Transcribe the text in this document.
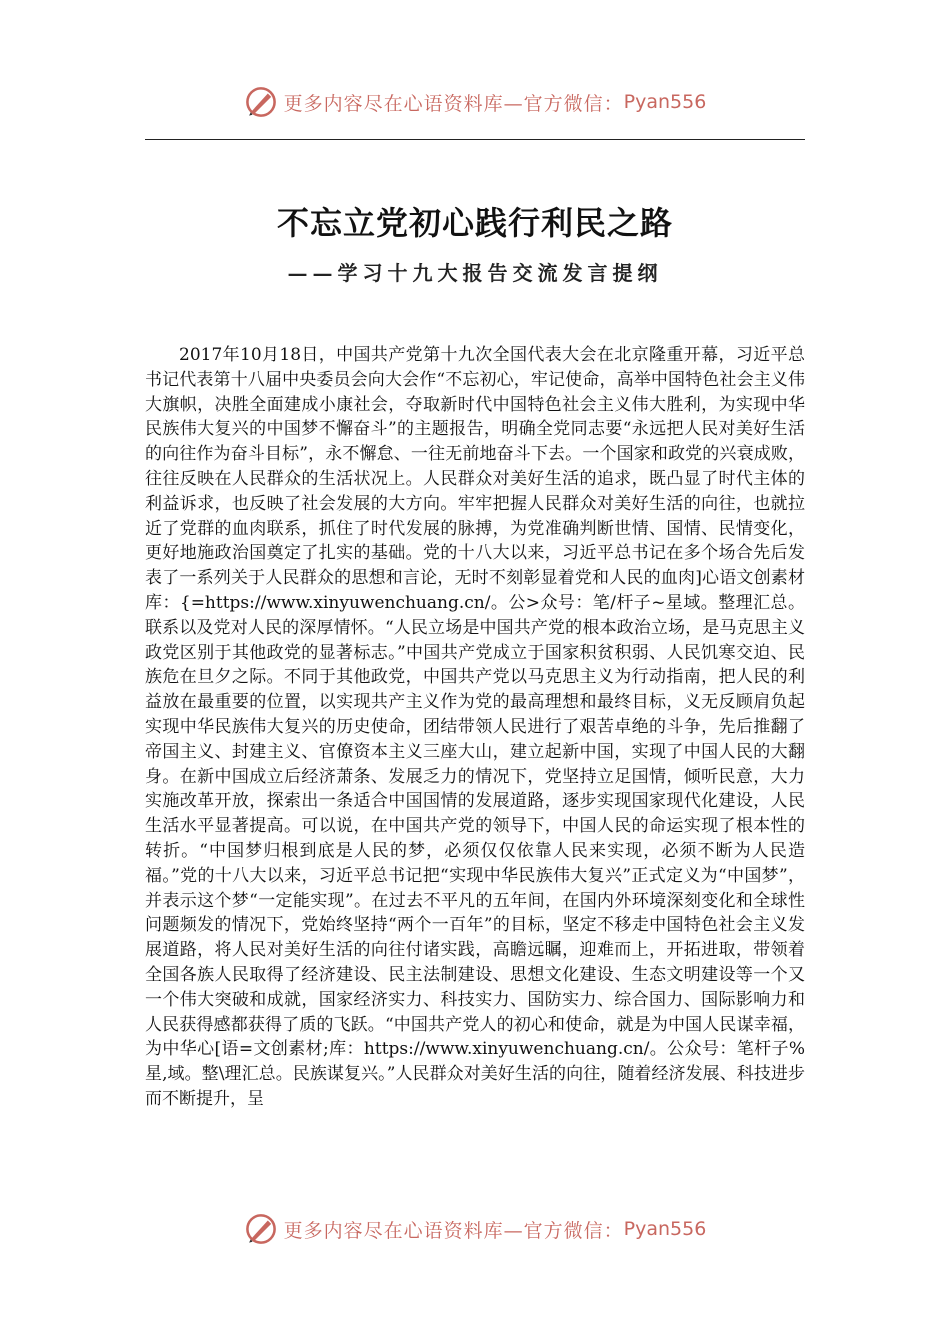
更多内容尽在心语资料库—官方微信： Pyan556
不忘立党初心践行利民之路
——学习十九大报告交流发言提纲

2017年10月18日，中国共产党第十九次全国代表大会在北京隆重开幕，习近平总书记代表第十八届中央委员会向大会作“不忘初心，牢记使命，高举中国特色社会主义伟大旗帜，决胜全面建成小康社会，夺取新时代中国特色社会主义伟大胜利，为实现中华民族伟大复兴的中国梦不懈奋斗”的主题报告，明确全党同志要“永远把人民对美好生活的向往作为奋斗目标”，永不懈怠、一往无前地奋斗下去。一个国家和政党的兴衰成败，往往反映在人民群众的生活状况上。人民群众对美好生活的追求，既凸显了时代主体的利益诉求，也反映了社会发展的大方向。牢牢把握人民群众对美好生活的向往，也就拉近了党群的血肉联系，抓住了时代发展的脉搏，为党准确判断世情、国情、民情变化，更好地施政治国奠定了扎实的基础。党的十八大以来，习近平总书记在多个场合先后发表了一系列关于人民群众的思想和言论，无时不刻彰显着党和人民的血肉]心语文创素材库：{=https://www.xinyuwenchuang.cn/。公>众号：笔/杆子~星域。整理汇总。联系以及党对人民的深厚情怀。“人民立场是中国共产党的根本政治立场，是马克思主义政党区别于其他政党的显著标志。”中国共产党成立于国家积贫积弱、人民饥寒交迫、民族危在旦夕之际。不同于其他政党，中国共产党以马克思主义为行动指南，把人民的利益放在最重要的位置，以实现共产主义作为党的最高理想和最终目标，义无反顾肩负起实现中华民族伟大复兴的历史使命，团结带领人民进行了艰苦卓绝的斗争，先后推翻了帝国主义、封建主义、官僚资本主义三座大山，建立起新中国，实现了中国人民的大翻身。在新中国成立后经济萧条、发展乏力的情况下，党坚持立足国情，倾听民意，大力实施改革开放，探索出一条适合中国国情的发展道路，逐步实现国家现代化建设，人民生活水平显著提高。可以说，在中国共产党的领导下，中国人民的命运实现了根本性的转折。“中国梦归根到底是人民的梦，必须仅仅依靠人民来实现，必须不断为人民造福。”党的十八大以来，习近平总书记把“实现中华民族伟大复兴”正式定义为“中国梦”，并表示这个梦“一定能实现”。在过去不平凡的五年间，在国内外环境深刻变化和全球性问题频发的情况下，党始终坚持“两个一百年”的目标，坚定不移走中国特色社会主义发展道路，将人民对美好生活的向往付诸实践，高瞻远瞩，迎难而上，开拓进取，带领着全国各族人民取得了经济建设、民主法制建设、思想文化建设、生态文明建设等一个又一个伟大突破和成就，国家经济实力、科技实力、国防实力、综合国力、国际影响力和人民获得感都获得了质的飞跃。“中国共产党人的初心和使命，就是为中国人民谋幸福，为中华心[语=文创素材;库：https://www.xinyuwenchuang.cn/。公众号：笔杆子%星,域。整\理汇总。民族谋复兴。”人民群众对美好生活的向往，随着经济发展、科技进步而不断提升，呈

更多内容尽在心语资料库—官方微信： Pyan556
